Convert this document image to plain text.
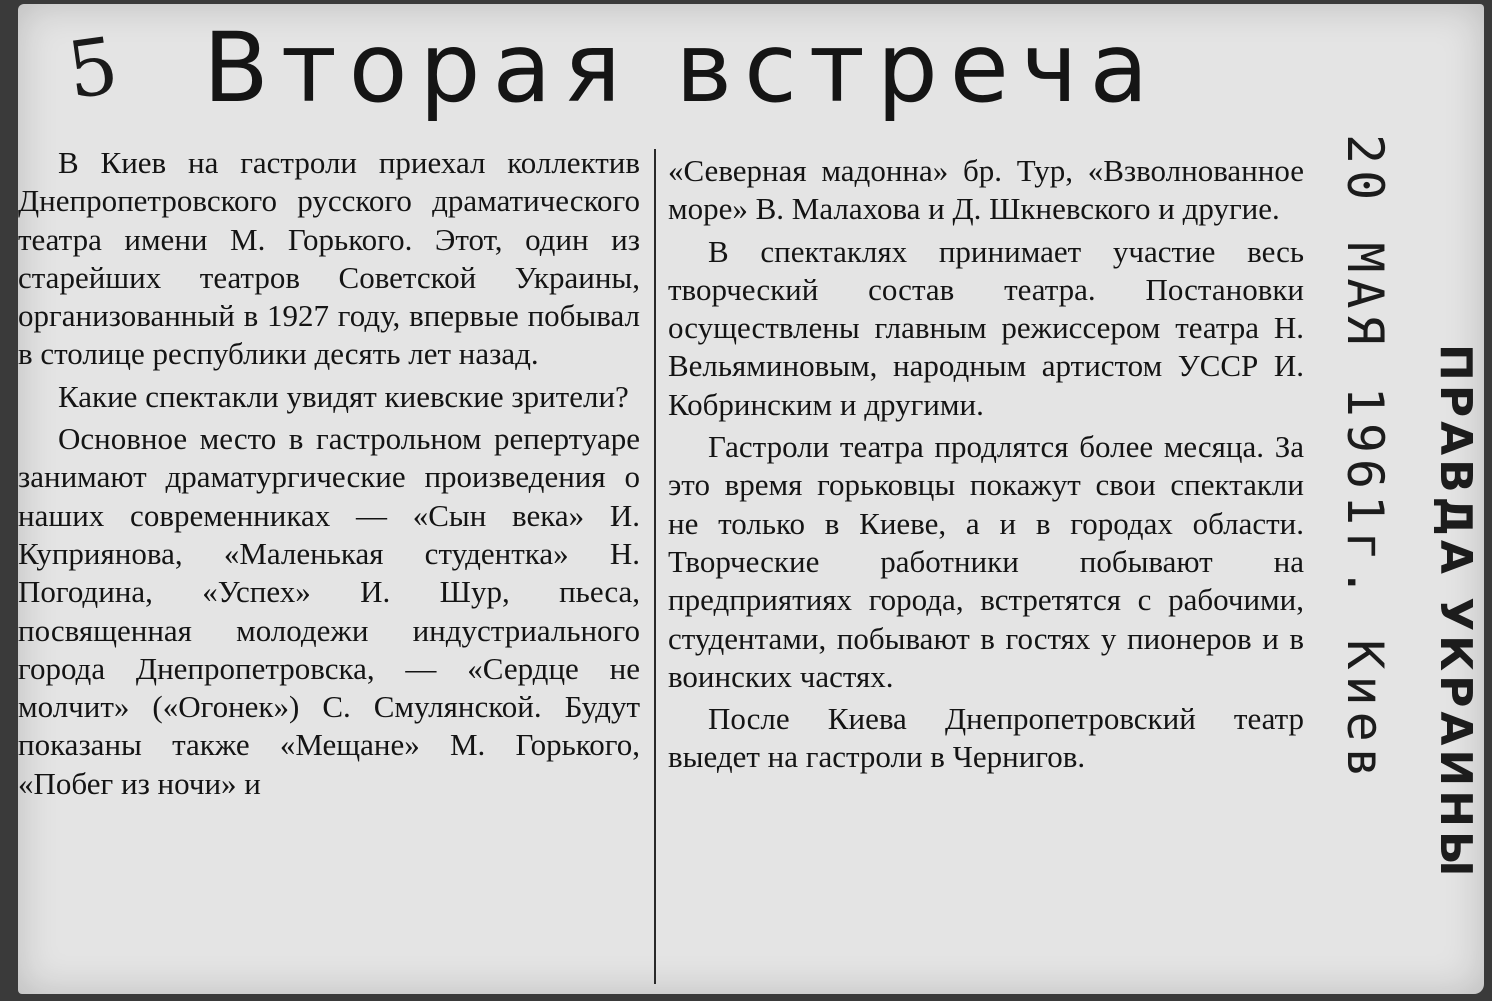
5 Вторая встреча

В Киев на гастроли приехал коллектив Днепропетровского русского драматического театра имени М. Горького. Этот, один из старейших театров Советской Украины, организованный в 1927 году, впервые побывал в столице республики десять лет назад.

Какие спектакли увидят киевские зрители?

Основное место в гастрольном репертуаре занимают драматургические произведения о наших современниках — «Сын века» И. Куприянова, «Маленькая студентка» Н. Погодина, «Успех» И. Шур, пьеса, посвященная молодежи индустриального города Днепропетровска, — «Сердце не молчит» («Огонек») С. Смулянской. Будут показаны также «Мещане» М. Горького, «Побег из ночи» и

«Северная мадонна» бр. Тур, «Взволнованное море» В. Малахова и Д. Шкневского и другие.

В спектаклях принимает участие весь творческий состав театра. Постановки осуществлены главным режиссером театра Н. Вельяминовым, народным артистом УССР И. Кобринским и другими.

Гастроли театра продлятся более месяца. За это время горьковцы покажут свои спектакли не только в Киеве, а и в городах области. Творческие работники побывают на предприятиях города, встретятся с рабочими, студентами, побывают в гостях у пионеров и в воинских частях.

После Киева Днепропетровский театр выедет на гастроли в Чернигов.	20 МАЯ 1961г. Киев ПРАВДА УКРАИНЫ
